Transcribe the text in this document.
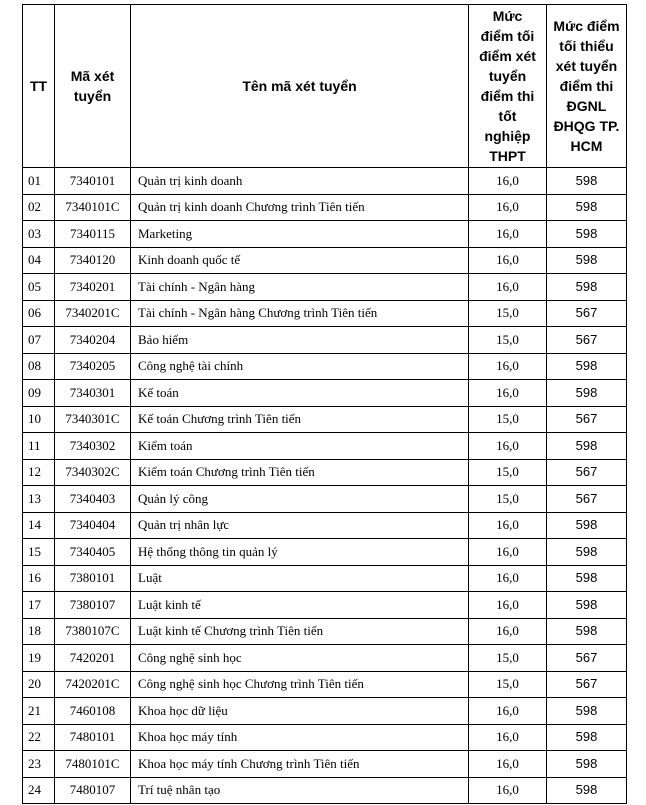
TT	Mã xét tuyển	Tên mã xét tuyển	Mức điểm tối điểm xét tuyển điểm thi tốt nghiệp THPT	Mức điểm tối thiểu xét tuyển điểm thi ĐGNL ĐHQG TP. HCM

01	7340101	Quản trị kinh doanh	16,0	598
02	7340101C	Quản trị kinh doanh Chương trình Tiên tiến	16,0	598
03	7340115	Marketing	16,0	598
04	7340120	Kinh doanh quốc tế	16,0	598
05	7340201	Tài chính - Ngân hàng	16,0	598
06	7340201C	Tài chính - Ngân hàng Chương trình Tiên tiến	15,0	567
07	7340204	Bảo hiểm	15,0	567
08	7340205	Công nghệ tài chính	16,0	598
09	7340301	Kế toán	16,0	598
10	7340301C	Kế toán Chương trình Tiên tiến	15,0	567
11	7340302	Kiểm toán	16,0	598
12	7340302C	Kiểm toán Chương trình Tiên tiến	15,0	567
13	7340403	Quản lý công	15,0	567
14	7340404	Quản trị nhân lực	16,0	598
15	7340405	Hệ thống thông tin quản lý	16,0	598
16	7380101	Luật	16,0	598
17	7380107	Luật kinh tế	16,0	598
18	7380107C	Luật kinh tế Chương trình Tiên tiến	16,0	598
19	7420201	Công nghệ sinh học	15,0	567
20	7420201C	Công nghệ sinh học Chương trình Tiên tiến	15,0	567
21	7460108	Khoa học dữ liệu	16,0	598
22	7480101	Khoa học máy tính	16,0	598
23	7480101C	Khoa học máy tính Chương trình Tiên tiến	16,0	598
24	7480107	Trí tuệ nhân tạo	16,0	598
